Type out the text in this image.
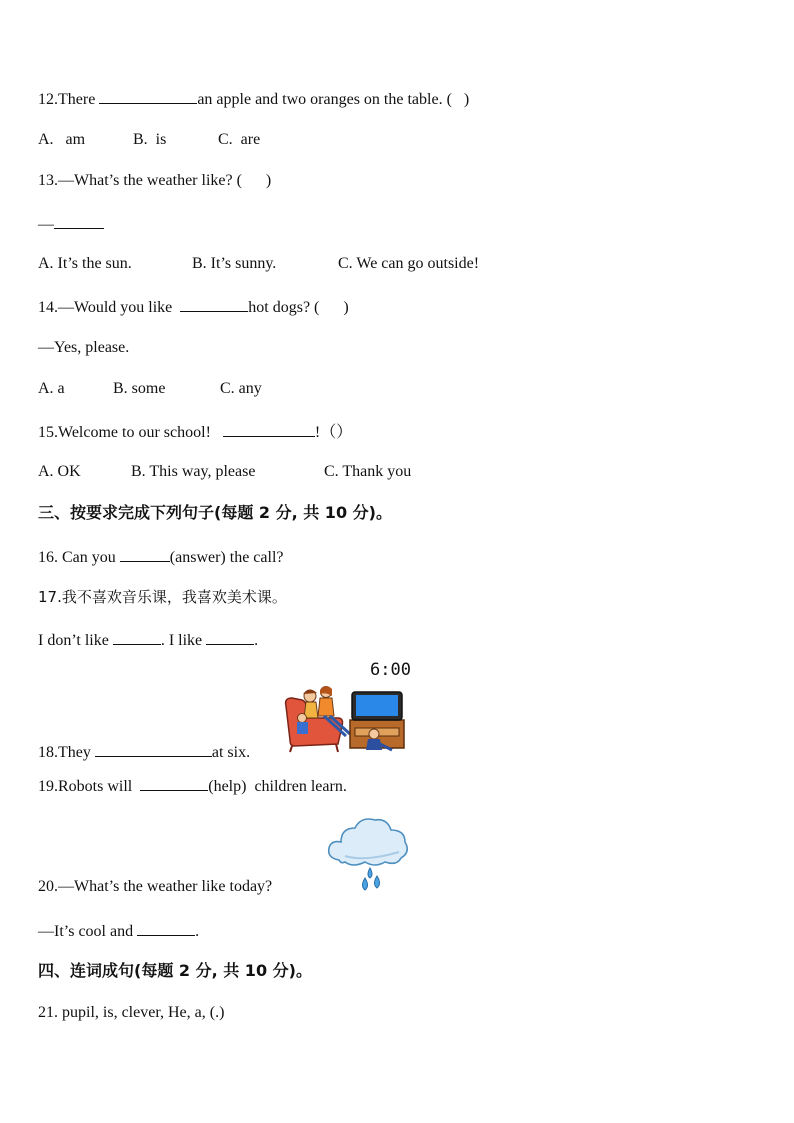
12.There	an apple and two oranges on the table. (   )
A.   am	B.  is	C.  are
13.—What’s the weather like? (      )
—
A. It’s the sun.	B. It’s sunny.	C. We can go outside!
14.—Would you like	hot dogs? (      )
—Yes, please.
A. a	B. some	C. any
15.Welcome to our school!	!（）
A. OK	B. This way, please	C. Thank you
三、按要求完成下列句子(每题 2 分, 共 10 分)。
16. Can you	(answer) the call?
17.我不喜欢音乐课，我喜欢美术课。
I don’t like	. I like	.
6:00
18.They	at six.
19.Robots will	(help)  children learn.
20.—What’s the weather like today?
—It’s cool and	.
四、连词成句(每题 2 分, 共 10 分)。
21. pupil, is, clever, He, a, (.)
